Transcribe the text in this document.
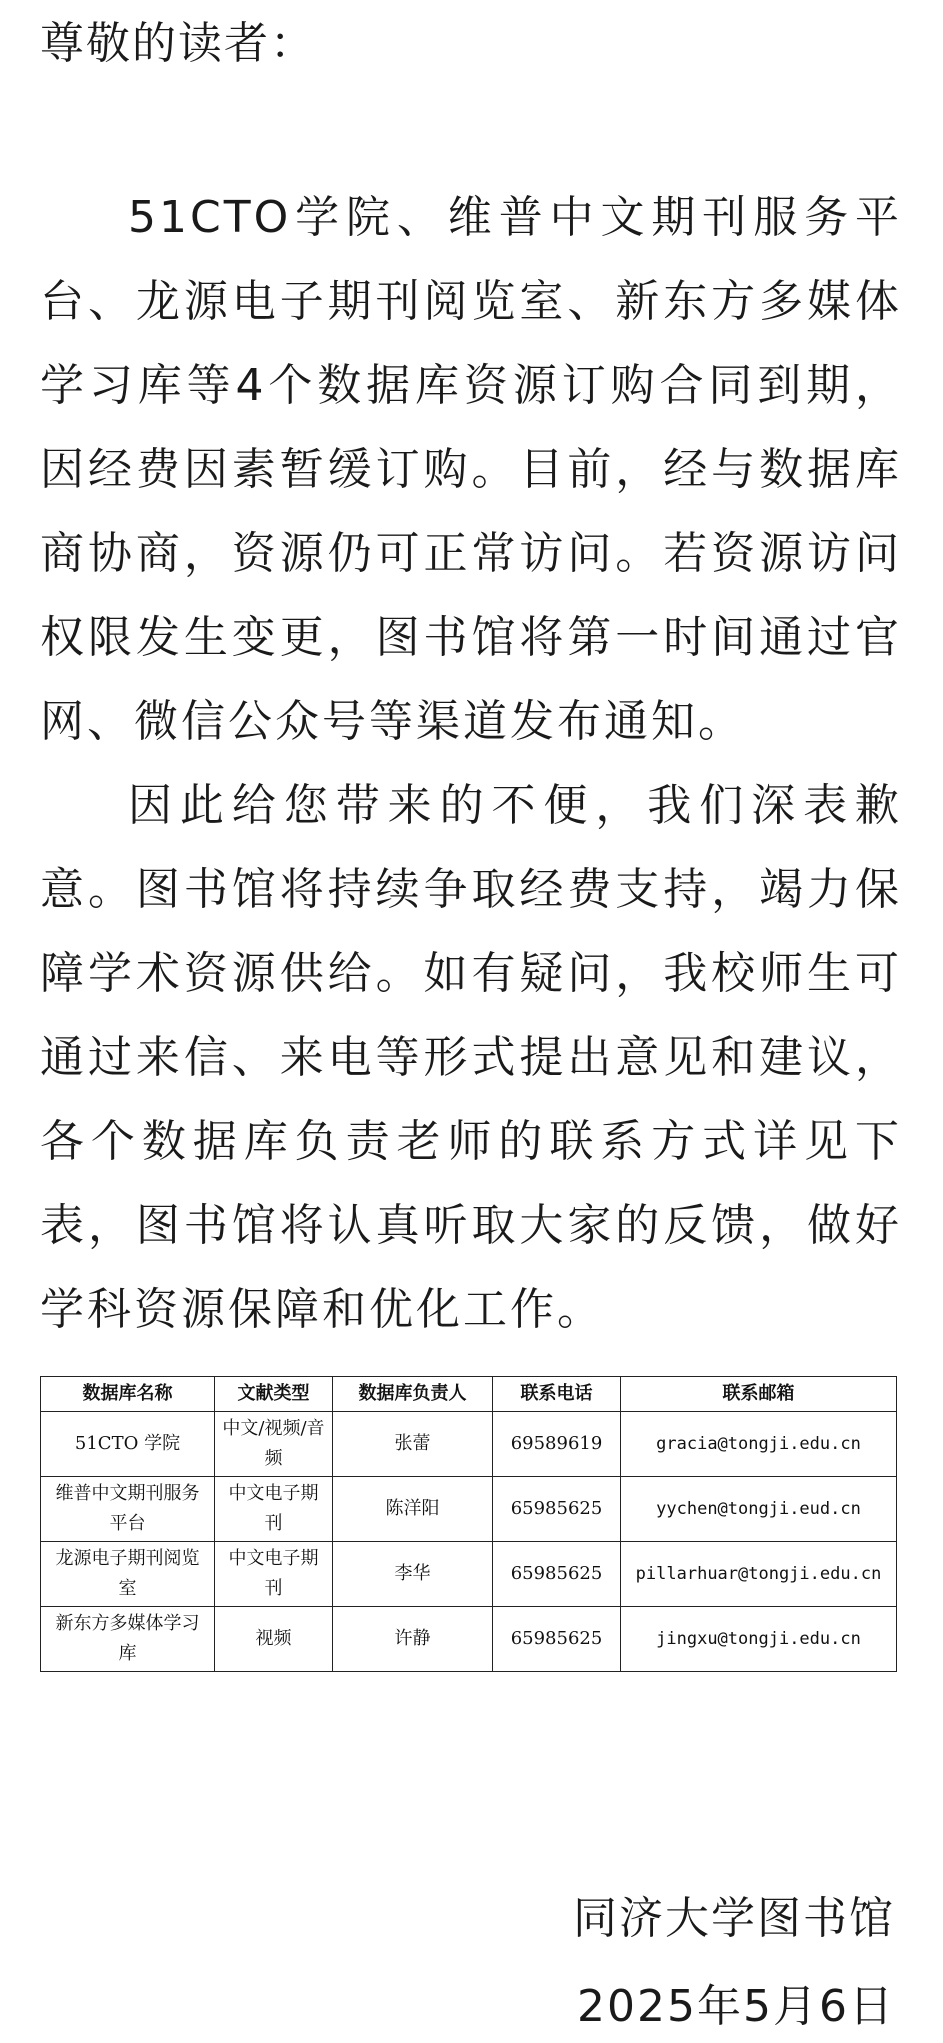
尊敬的读者：

51CTO学院、维普中文期刊服务平台、龙源电子期刊阅览室、新东方多媒体学习库等4个数据库资源订购合同到期，因经费因素暂缓订购。目前，经与数据库商协商，资源仍可正常访问。若资源访问权限发生变更，图书馆将第一时间通过官网、微信公众号等渠道发布通知。

因此给您带来的不便，我们深表歉意。图书馆将持续争取经费支持，竭力保障学术资源供给。如有疑问，我校师生可通过来信、来电等形式提出意见和建议，各个数据库负责老师的联系方式详见下表，图书馆将认真听取大家的反馈，做好学科资源保障和优化工作。

数据库名称	文献类型	数据库负责人	联系电话	联系邮箱
51CTO 学院	中文/视频/音频	张蕾	69589619	gracia@tongji.edu.cn
维普中文期刊服务平台	中文电子期刊	陈洋阳	65985625	yychen@tongji.eud.cn
龙源电子期刊阅览室	中文电子期刊	李华	65985625	pillarhuar@tongji.edu.cn
新东方多媒体学习库	视频	许静	65985625	jingxu@tongji.edu.cn

同济大学图书馆

2025年5月6日
